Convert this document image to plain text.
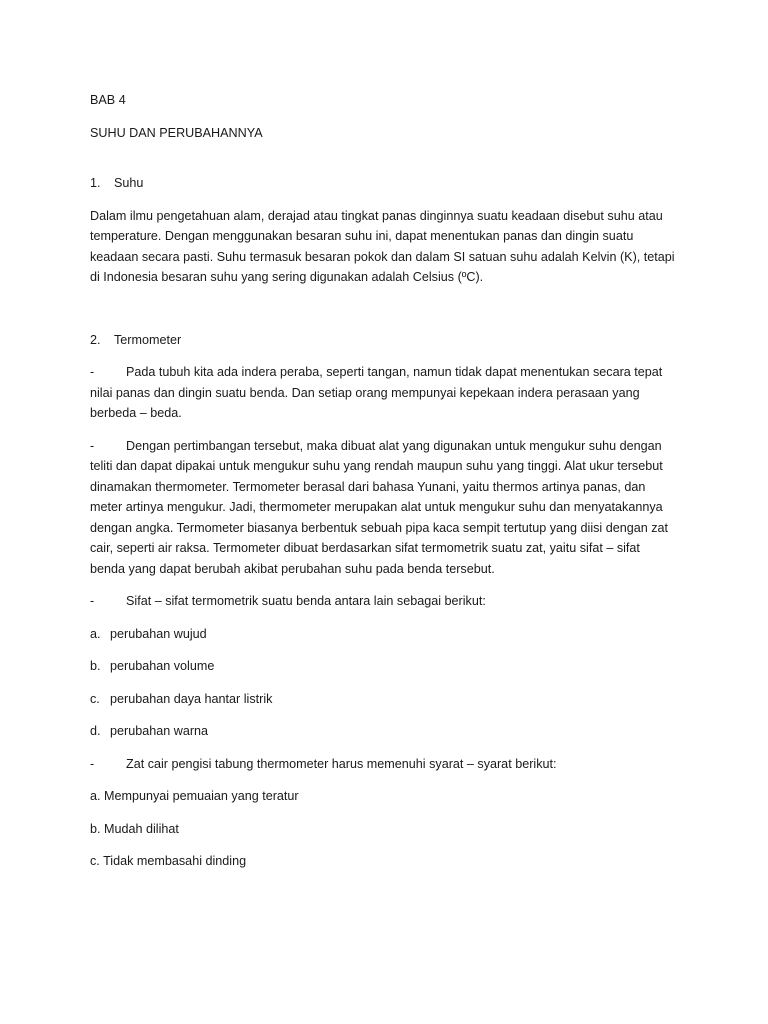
BAB 4

SUHU DAN PERUBAHANNYA

1.	Suhu

Dalam ilmu pengetahuan alam, derajad atau tingkat panas dinginnya suatu keadaan disebut suhu atau

temperature. Dengan menggunakan besaran suhu ini, dapat menentukan panas dan dingin suatu

keadaan secara pasti. Suhu termasuk besaran pokok dan dalam SI satuan suhu adalah Kelvin (K), tetapi

di Indonesia besaran suhu yang sering digunakan adalah Celsius (ºC).

2.	Termometer
-	Pada tubuh kita ada indera peraba, seperti tangan, namun tidak dapat menentukan secara tepat

nilai panas dan dingin suatu benda. Dan setiap orang mempunyai kepekaan indera perasaan yang

berbeda – beda.

-	Dengan pertimbangan tersebut, maka dibuat alat yang digunakan untuk mengukur suhu dengan

teliti dan dapat dipakai untuk mengukur suhu yang rendah maupun suhu yang tinggi. Alat ukur tersebut

dinamakan thermometer. Termometer berasal dari bahasa Yunani, yaitu thermos artinya panas, dan

meter artinya mengukur. Jadi, thermometer merupakan alat untuk mengukur suhu dan menyatakannya

dengan angka. Termometer biasanya berbentuk sebuah pipa kaca sempit tertutup yang diisi dengan zat

cair, seperti air raksa. Termometer dibuat berdasarkan sifat termometrik suatu zat, yaitu sifat – sifat

benda yang dapat berubah akibat perubahan suhu pada benda tersebut.

-	Sifat – sifat termometrik suatu benda antara lain sebagai berikut:
a. perubahan wujud
b. perubahan volume
c. perubahan daya hantar listrik
d. perubahan warna
-	Zat cair pengisi tabung thermometer harus memenuhi syarat – syarat berikut:

a. Mempunyai pemuaian yang teratur

b. Mudah dilihat

c. Tidak membasahi dinding
